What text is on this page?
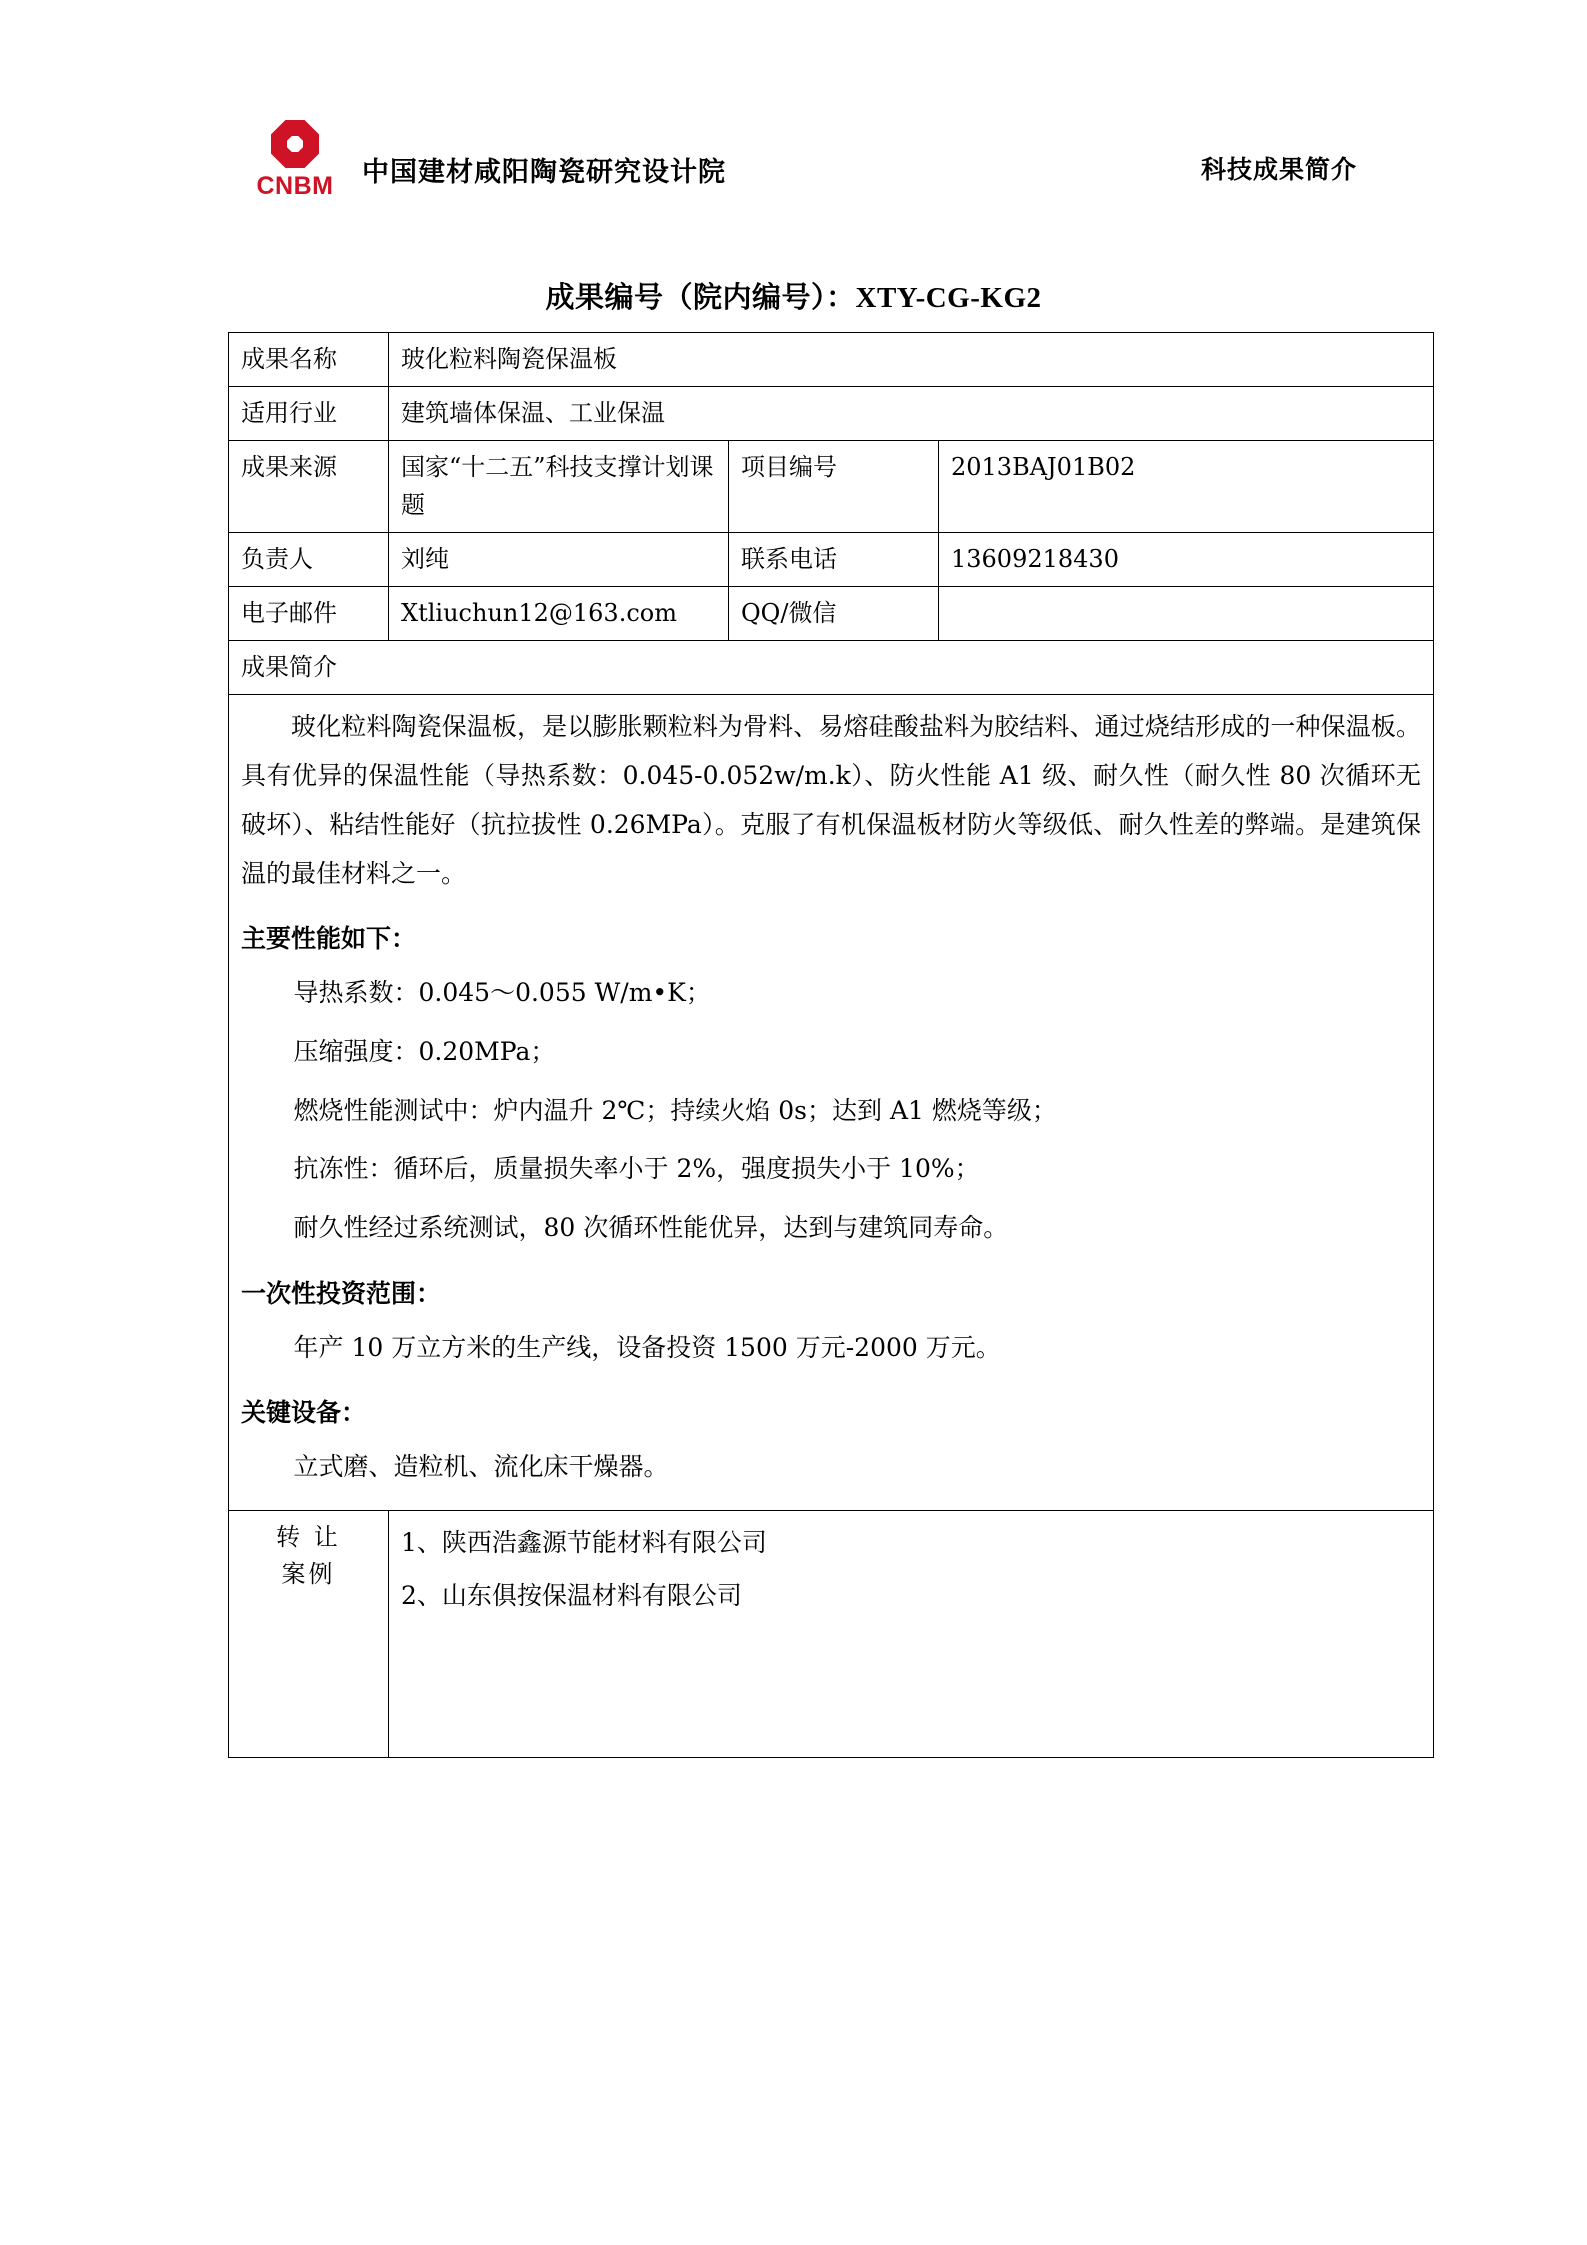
CNBM	中国建材咸阳陶瓷研究设计院	科技成果简介
成果编号（院内编号）：XTY-CG-KG2
成果名称	玻化粒料陶瓷保温板		
适用行业	建筑墙体保温、工业保温		
成果来源	国家“十二五”科技支撑计划课题	项目编号	2013BAJ01B02
负责人	刘纯	联系电话	13609218430
电子邮件	Xtliuchun12@163.com	QQ/微信	
成果简介			

玻化粒料陶瓷保温板，是以膨胀颗粒料为骨料、易熔硅酸盐料为胶结料、通过烧结形成的一种保温板。具有优异的保温性能（导热系数：0.045-0.052w/m.k）、防火性能 A1 级、耐久性（耐久性 80 次循环无破坏）、粘结性能好（抗拉拔性 0.26MPa）。克服了有机保温板材防火等级低、耐久性差的弊端。是建筑保温的最佳材料之一。

主要性能如下：
导热系数：0.045～0.055 W/m•K；
压缩强度：0.20MPa；
燃烧性能测试中：炉内温升 2℃；持续火焰 0s；达到 A1 燃烧等级；
抗冻性：循环后，质量损失率小于 2%，强度损失小于 10%；
耐久性经过系统测试，80 次循环性能优异，达到与建筑同寿命。
一次性投资范围：
年产 10 万立方米的生产线，设备投资 1500 万元-2000 万元。
关键设备：
立式磨、造粒机、流化床干燥器。

转 让
案例

1、陕西浩鑫源节能材料有限公司
2、山东俱按保温材料有限公司
